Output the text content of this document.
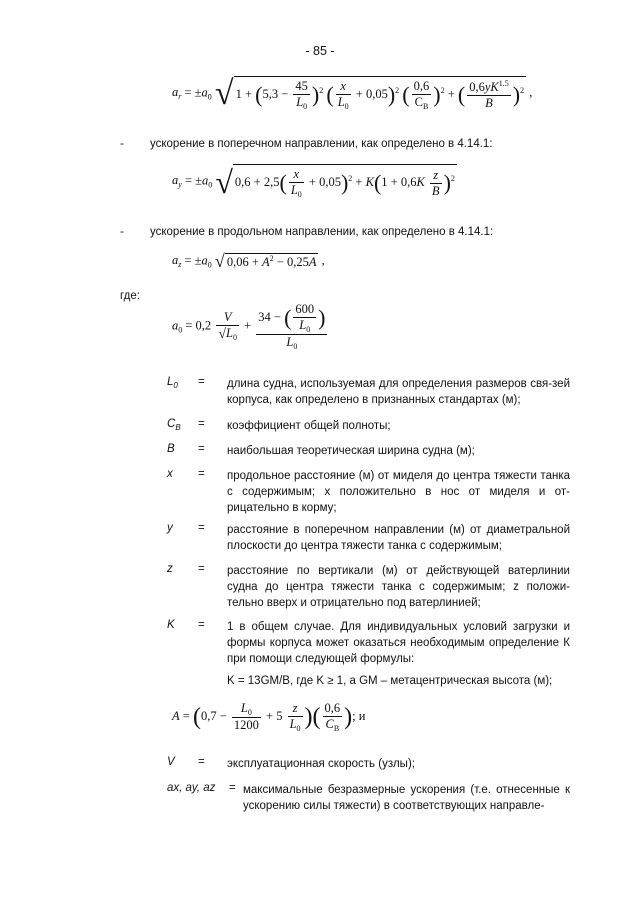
- 85 -
$a_r = \pm a_0$ $√1 + (5,3 - \frac{45}{L_0} )^2$ ( $\frac{x}{L_0} + 0,05)^2$ ( $\frac{0,6}{C_B} )^2$ + ( $\frac{0,6yK^{1.5}}{B} )^2$ ,
- ускорение в поперечном направлении, как определено в 4.14.1:
$a_y = \pm a_0$ $√0,6 + 2,5( \frac{x}{L_0} + 0,05)^2 + K(1 + 0,6K \frac{z}{B} )^2$
- ускорение в продольном направлении, как определено в 4.14.1:
$a_z = \pm a_0$ √ $0,06 + A^2 - 0,25A$ ,
где:
$a_0 = 0,2 \frac{V}{√L_0} + \frac{34 - ( \frac{600}{L_0} )}{L_0}$
$L_0$ = длина судна, используемая для определения размеров свя-зей корпуса, как определено в признанных стандартах (м);
$C_B$ = коэффициент общей полноты;
B = наибольшая теоретическая ширина судна (м);
x = продольное расстояние (м) от миделя до центра тяжести танка с содержимым; x положительно в нос от миделя и от-рицательно в корму;
y = расстояние в поперечном направлении (м) от диаметральной плоскости до центра тяжести танка с содержимым;
z = расстояние по вертикали (м) от действующей ватерлинии судна до центра тяжести танка с содержимым; z положи-тельно вверх и отрицательно под ватерлинией;
K = 1 в общем случае. Для индивидуальных условий загрузки и формы корпуса может оказаться необходимым определение К при помощи следующей формулы:
K = 13GM/B, где K ≥ 1, а GM – метацентрическая высота (м);
$A = (0,7 - \frac{L_0}{1200} + 5 \frac{z}{L_0}$ )( $\frac{0,6}{C_B}$ ); и
V = эксплуатационная скорость (узлы);
ax, ay, az = максимальные безразмерные ускорения (т.е. отнесенные к ускорению силы тяжести) в соответствующих направле-
